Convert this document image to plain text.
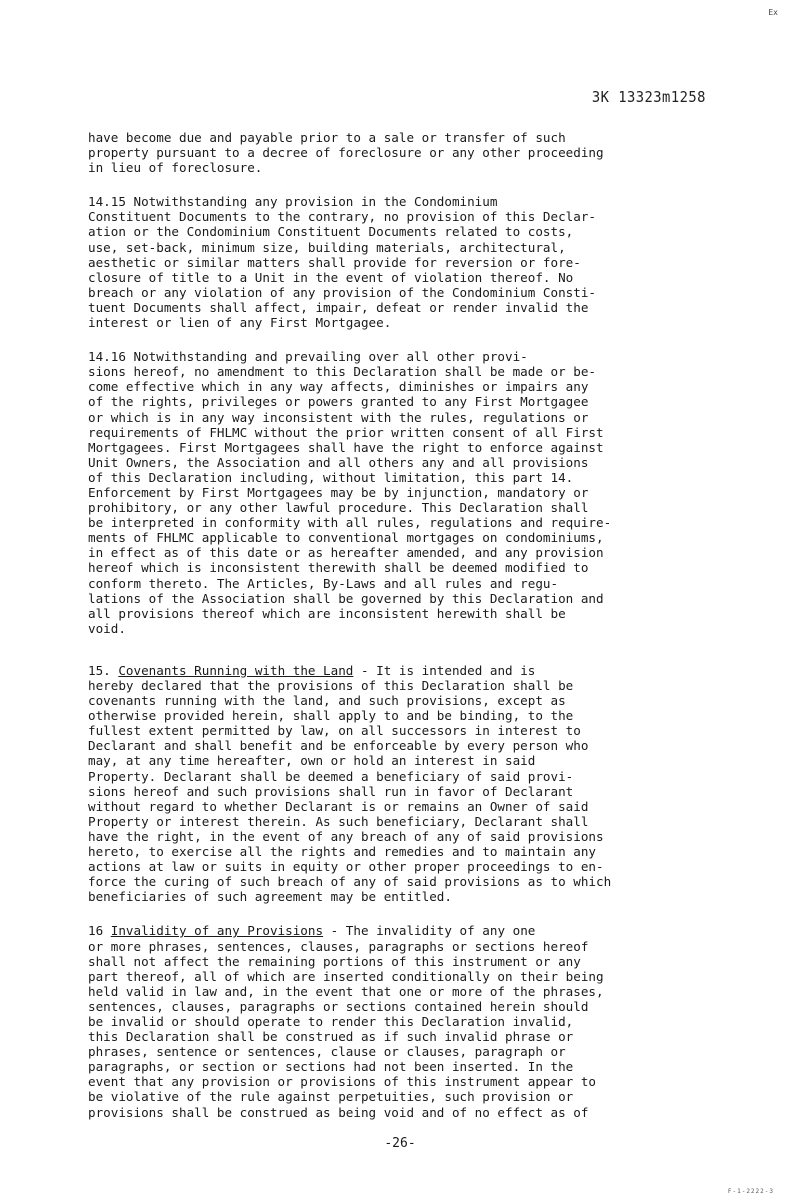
Ex
3K 13323m1258

have become due and payable prior to a sale or transfer of such
property pursuant to a decree of foreclosure or any other proceeding
in lieu of foreclosure.

14.15 Notwithstanding any provision in the Condominium
Constituent Documents to the contrary, no provision of this Declar-
ation or the Condominium Constituent Documents related to costs,
use, set-back, minimum size, building materials, architectural,
aesthetic or similar matters shall provide for reversion or fore-
closure of title to a Unit in the event of violation thereof. No
breach or any violation of any provision of the Condominium Consti-
tuent Documents shall affect, impair, defeat or render invalid the
interest or lien of any First Mortgagee.

14.16 Notwithstanding and prevailing over all other provi-
sions hereof, no amendment to this Declaration shall be made or be-
come effective which in any way affects, diminishes or impairs any
of the rights, privileges or powers granted to any First Mortgagee
or which is in any way inconsistent with the rules, regulations or
requirements of FHLMC without the prior written consent of all First
Mortgagees. First Mortgagees shall have the right to enforce against
Unit Owners, the Association and all others any and all provisions
of this Declaration including, without limitation, this part 14.
Enforcement by First Mortgagees may be by injunction, mandatory or
prohibitory, or any other lawful procedure. This Declaration shall
be interpreted in conformity with all rules, regulations and require-
ments of FHLMC applicable to conventional mortgages on condominiums,
in effect as of this date or as hereafter amended, and any provision
hereof which is inconsistent therewith shall be deemed modified to
conform thereto. The Articles, By-Laws and all rules and regu-
lations of the Association shall be governed by this Declaration and
all provisions thereof which are inconsistent herewith shall be
void.

15. Covenants Running with the Land - It is intended and is
hereby declared that the provisions of this Declaration shall be
covenants running with the land, and such provisions, except as
otherwise provided herein, shall apply to and be binding, to the
fullest extent permitted by law, on all successors in interest to
Declarant and shall benefit and be enforceable by every person who
may, at any time hereafter, own or hold an interest in said
Property. Declarant shall be deemed a beneficiary of said provi-
sions hereof and such provisions shall run in favor of Declarant
without regard to whether Declarant is or remains an Owner of said
Property or interest therein. As such beneficiary, Declarant shall
have the right, in the event of any breach of any of said provisions
hereto, to exercise all the rights and remedies and to maintain any
actions at law or suits in equity or other proper proceedings to en-
force the curing of such breach of any of said provisions as to which
beneficiaries of such agreement may be entitled.

16 Invalidity of any Provisions - The invalidity of any one
or more phrases, sentences, clauses, paragraphs or sections hereof
shall not affect the remaining portions of this instrument or any
part thereof, all of which are inserted conditionally on their being
held valid in law and, in the event that one or more of the phrases,
sentences, clauses, paragraphs or sections contained herein should
be invalid or should operate to render this Declaration invalid,
this Declaration shall be construed as if such invalid phrase or
phrases, sentence or sentences, clause or clauses, paragraph or
paragraphs, or section or sections had not been inserted. In the
event that any provision or provisions of this instrument appear to
be violative of the rule against perpetuities, such provision or
provisions shall be construed as being void and of no effect as of

-26-
F-1-2222-3
